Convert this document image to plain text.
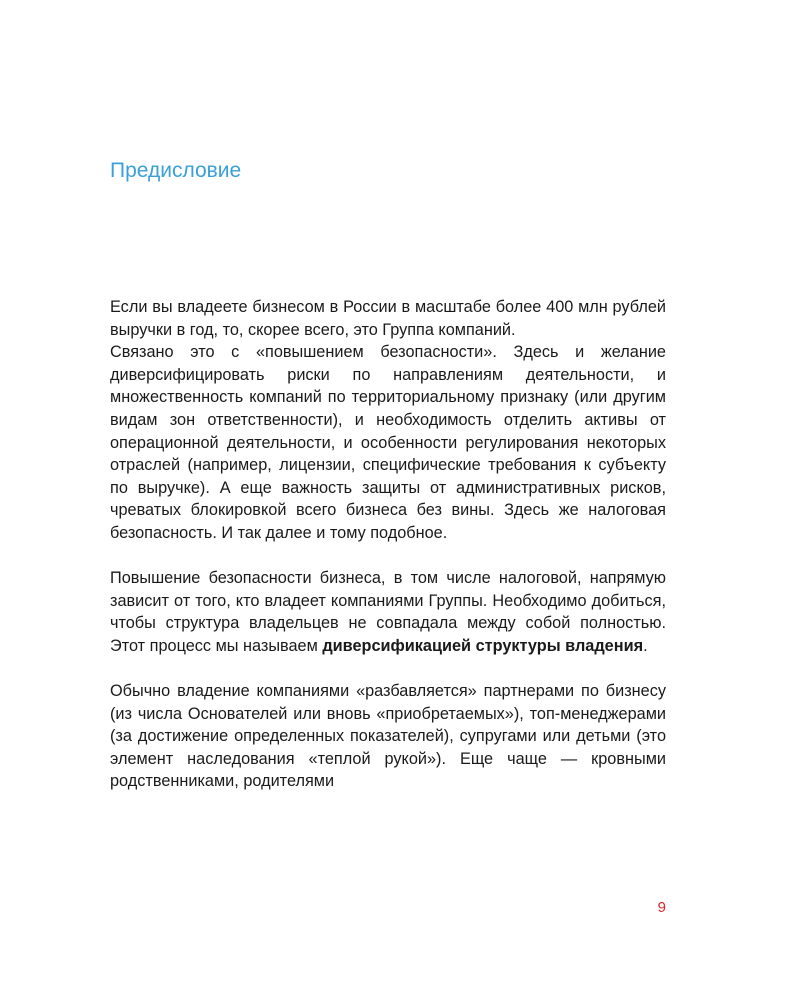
Предисловие

Если вы владеете бизнесом в России в масштабе более 400 млн рублей выручки в год, то, скорее всего, это Группа компаний.

Связано это с «повышением безопасности». Здесь и желание диверсифицировать риски по направлениям деятельности, и множественность компаний по территориальному признаку (или другим видам зон ответственности), и необходимость отделить активы от операционной деятельности, и особенности регулирования некоторых отраслей (например, лицензии, специфические требования к субъекту по выручке). А еще важность защиты от административных рисков, чреватых блокировкой всего бизнеса без вины. Здесь же налоговая безопасность. И так далее и тому подобное.

Повышение безопасности бизнеса, в том числе налоговой, напрямую зависит от того, кто владеет компаниями Группы. Необходимо добиться, чтобы структура владельцев не совпадала между собой полностью. Этот процесс мы называем диверсификацией структуры владения.

Обычно владение компаниями «разбавляется» партнерами по бизнесу (из числа Основателей или вновь «приобретаемых»), топ-менеджерами (за достижение определенных показателей), супругами или детьми (это элемент наследования «теплой рукой»). Еще чаще — кровными родственниками, родителями

9
